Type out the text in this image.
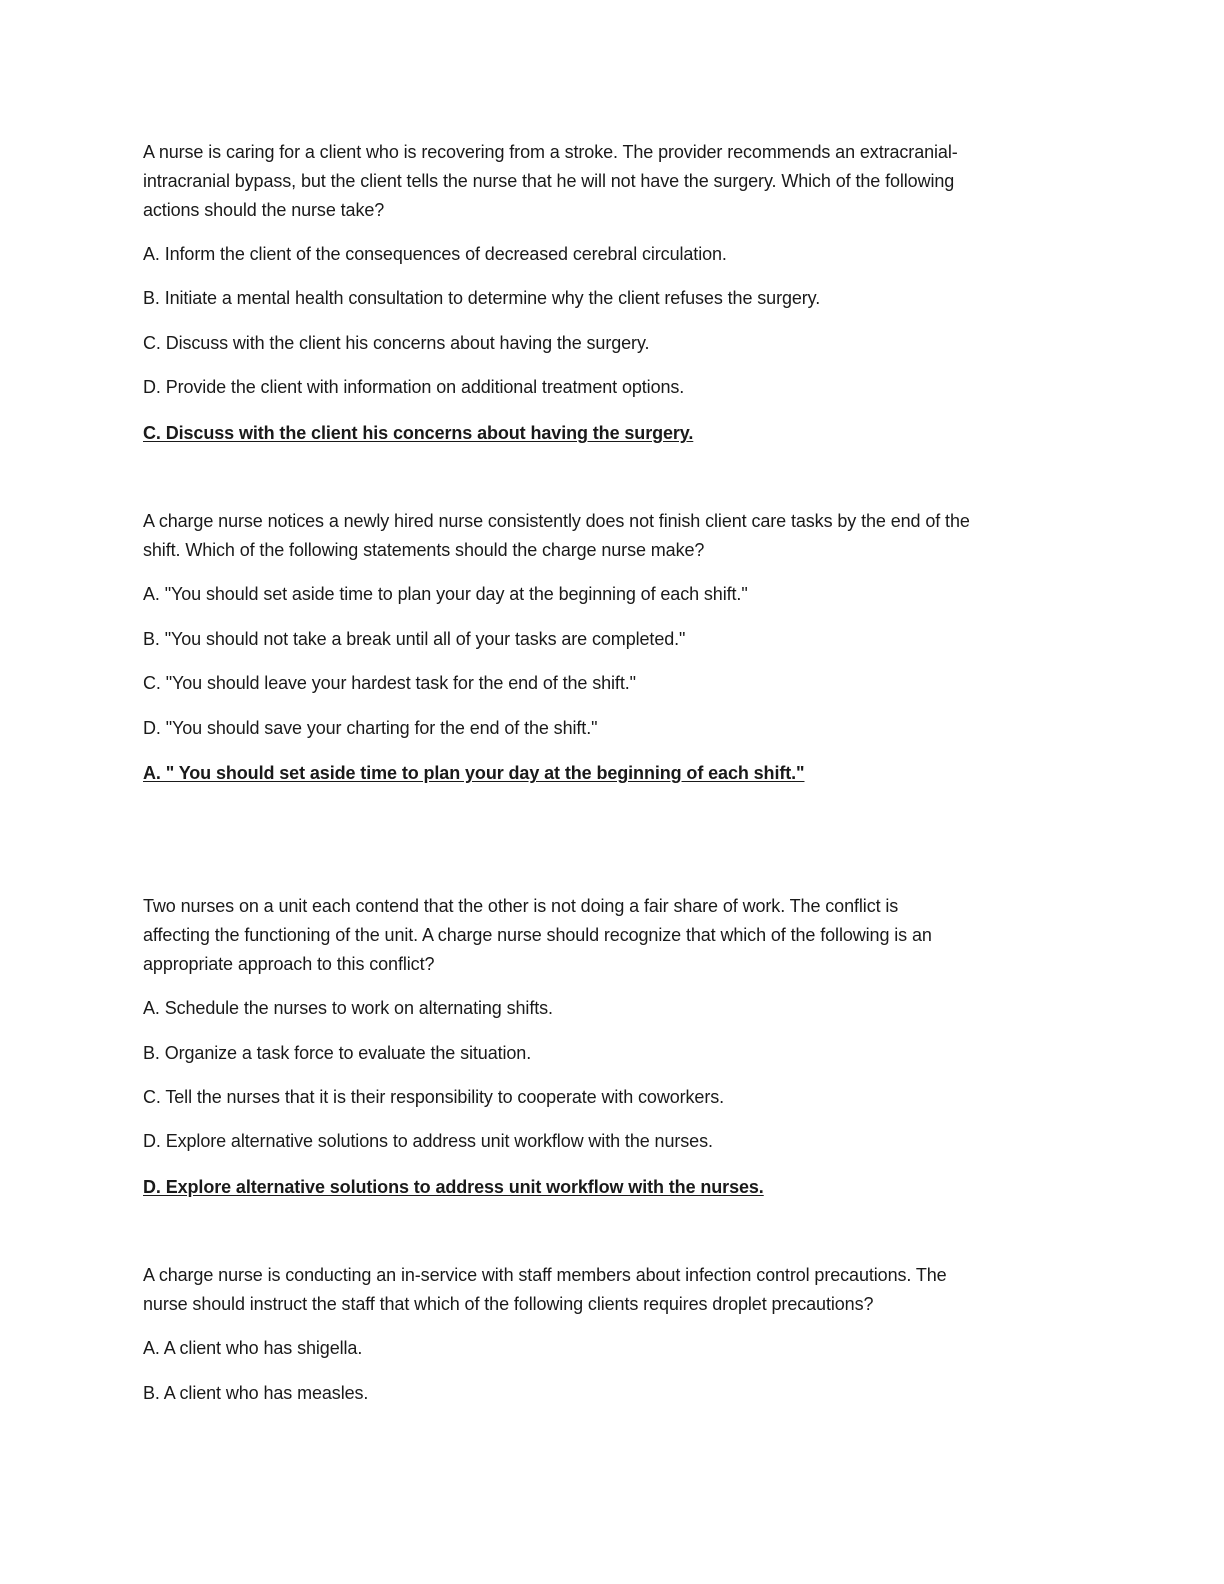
A nurse is caring for a client who is recovering from a stroke. The provider recommends an extracranial-
intracranial bypass, but the client tells the nurse that he will not have the surgery. Which of the following
actions should the nurse take?
A. Inform the client of the consequences of decreased cerebral circulation.
B. Initiate a mental health consultation to determine why the client refuses the surgery.
C. Discuss with the client his concerns about having the surgery.
D. Provide the client with information on additional treatment options.
C. Discuss with the client his concerns about having the surgery.
A charge nurse notices a newly hired nurse consistently does not finish client care tasks by the end of the
shift. Which of the following statements should the charge nurse make?
A. "You should set aside time to plan your day at the beginning of each shift."
B. "You should not take a break until all of your tasks are completed."
C. "You should leave your hardest task for the end of the shift."
D. "You should save your charting for the end of the shift."
A. " You should set aside time to plan your day at the beginning of each shift."
Two nurses on a unit each contend that the other is not doing a fair share of work. The conflict is
affecting the functioning of the unit. A charge nurse should recognize that which of the following is an
appropriate approach to this conflict?
A. Schedule the nurses to work on alternating shifts.
B. Organize a task force to evaluate the situation.
C. Tell the nurses that it is their responsibility to cooperate with coworkers.
D. Explore alternative solutions to address unit workflow with the nurses.
D. Explore alternative solutions to address unit workflow with the nurses.
A charge nurse is conducting an in-service with staff members about infection control precautions. The
nurse should instruct the staff that which of the following clients requires droplet precautions?
A. A client who has shigella.
B. A client who has measles.
